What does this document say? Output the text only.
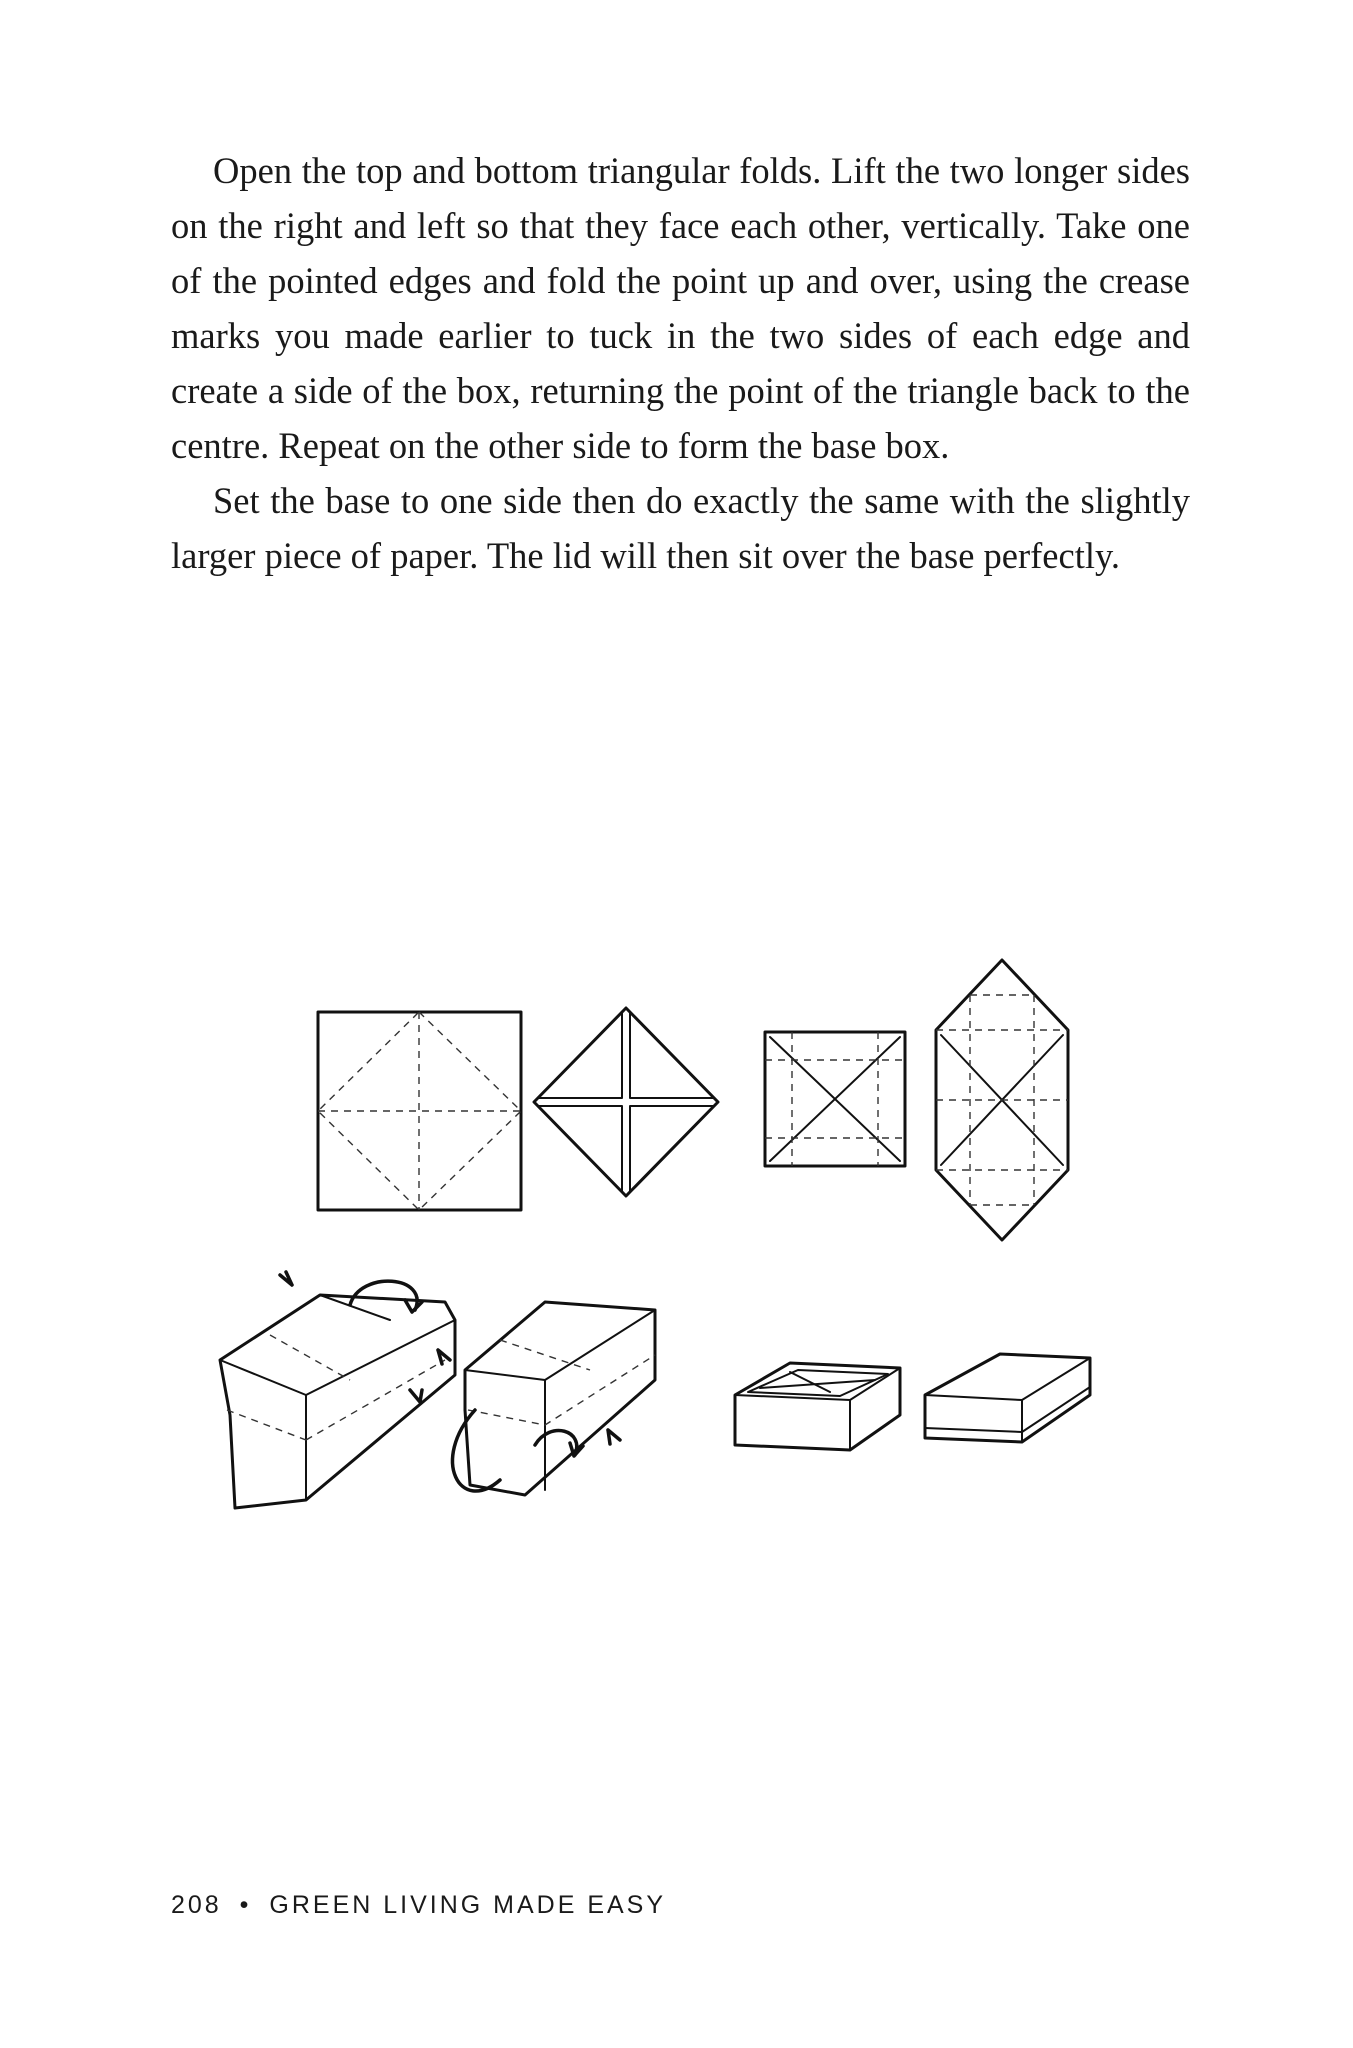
Open the top and bottom triangular folds. Lift the two longer sides on the right and left so that they face each other, vertically. Take one of the pointed edges and fold the point up and over, using the crease marks you made earlier to tuck in the two sides of each edge and create a side of the box, returning the point of the triangle back to the centre. Repeat on the other side to form the base box.

Set the base to one side then do exactly the same with the slightly larger piece of paper. The lid will then sit over the base perfectly.

208 • GREEN LIVING MADE EASY
